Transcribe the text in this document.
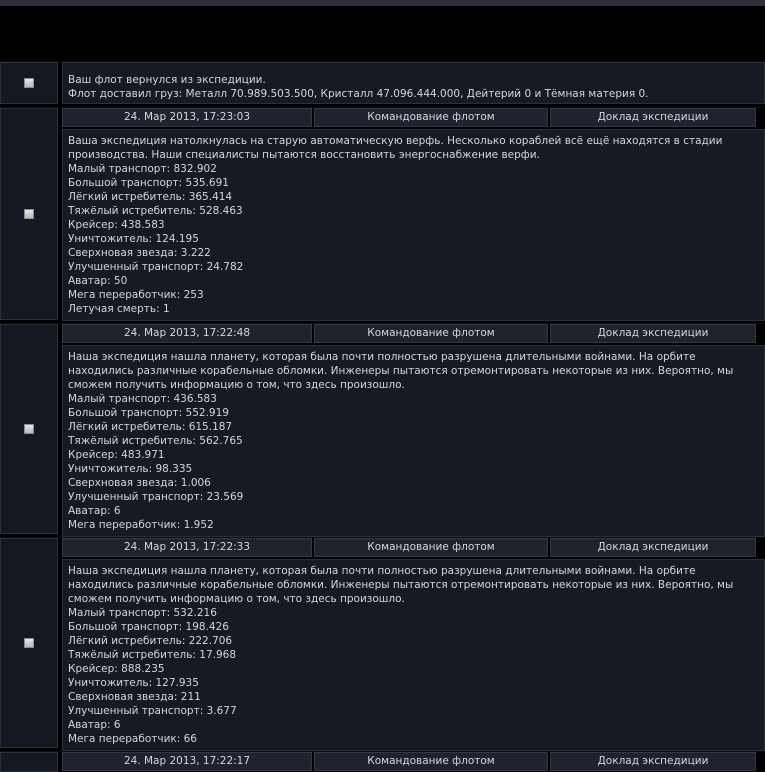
Ваш флот вернулся из экспедиции.
Флот доставил груз: Металл 70.989.503.500, Кристалл 47.096.444.000, Дейтерий 0 и Тёмная материя 0.
24. Мар 2013, 17:23:03	Командование флотом	Доклад экспедиции
Ваша экспедиция натолкнулась на старую автоматическую верфь. Несколько кораблей всё ещё находятся в стадии производства. Наши специалисты пытаются восстановить энергоснабжение верфи.
Малый транспорт: 832.902
Большой транспорт: 535.691
Лёгкий истребитель: 365.414
Тяжёлый истребитель: 528.463
Крейсер: 438.583
Уничтожитель: 124.195
Сверхновая звезда: 3.222
Улучшенный транспорт: 24.782
Аватар: 50
Мега переработчик: 253
Летучая смерть: 1
24. Мар 2013, 17:22:48	Командование флотом	Доклад экспедиции
Наша экспедиция нашла планету, которая была почти полностью разрушена длительными войнами. На орбите находились различные корабельные обломки. Инженеры пытаются отремонтировать некоторые из них. Вероятно, мы сможем получить информацию о том, что здесь произошло.
Малый транспорт: 436.583
Большой транспорт: 552.919
Лёгкий истребитель: 615.187
Тяжёлый истребитель: 562.765
Крейсер: 483.971
Уничтожитель: 98.335
Сверхновая звезда: 1.006
Улучшенный транспорт: 23.569
Аватар: 6
Мега переработчик: 1.952
24. Мар 2013, 17:22:33	Командование флотом	Доклад экспедиции
Наша экспедиция нашла планету, которая была почти полностью разрушена длительными войнами. На орбите находились различные корабельные обломки. Инженеры пытаются отремонтировать некоторые из них. Вероятно, мы сможем получить информацию о том, что здесь произошло.
Малый транспорт: 532.216
Большой транспорт: 198.426
Лёгкий истребитель: 222.706
Тяжёлый истребитель: 17.968
Крейсер: 888.235
Уничтожитель: 127.935
Сверхновая звезда: 211
Улучшенный транспорт: 3.677
Аватар: 6
Мега переработчик: 66
24. Мар 2013, 17:22:17	Командование флотом	Доклад экспедиции
